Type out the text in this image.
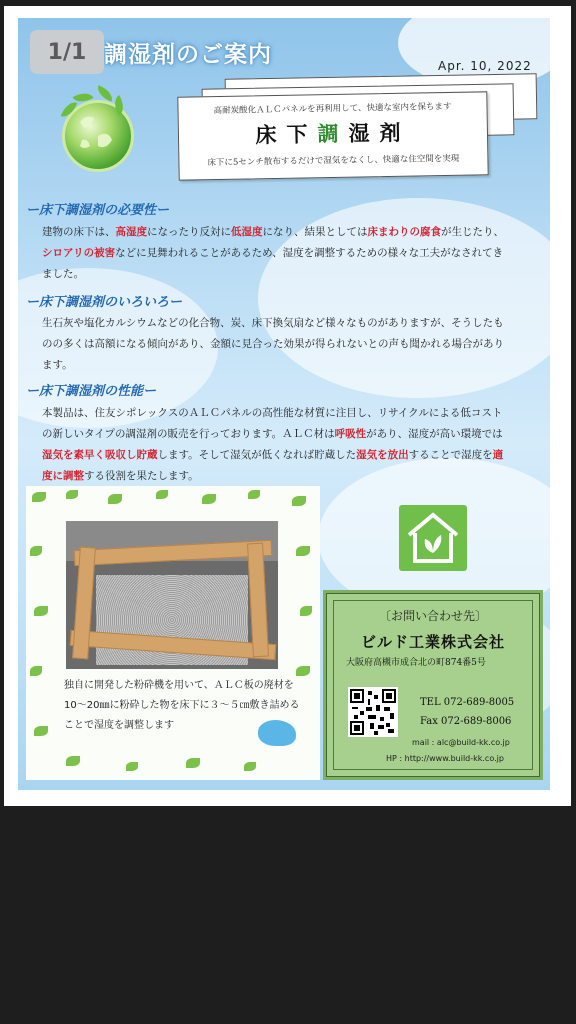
調湿剤のご案内	Apr. 10, 2022
高耐炭酸化ＡＬＣパネルを再利用して、快適な室内を保ちます
床下調湿剤
床下に5センチ散布するだけで湿気をなくし、快適な住空間を実現
ー床下調湿剤の必要性ー
建物の床下は、高湿度になったり反対に低湿度になり、結果としては床まわりの腐食が生じたり、シロアリの被害などに見舞われることがあるため、湿度を調整するための様々な工夫がなされてきました。
ー床下調湿剤のいろいろー
生石灰や塩化カルシウムなどの化合物、炭、床下換気扇など様々なものがありますが、そうしたものの多くは高額になる傾向があり、金額に見合った効果が得られないとの声も聞かれる場合があります。
ー床下調湿剤の性能ー
本製品は、住友シポレックスのＡＬＣパネルの高性能な材質に注目し、リサイクルによる低コストの新しいタイプの調湿剤の販売を行っております。ＡＬＣ材は呼吸性があり、湿度が高い環境では湿気を素早く吸収し貯蔵します。そして湿気が低くなれば貯蔵した湿気を放出することで湿度を適度に調整する役割を果たします。
独自に開発した粉砕機を用いて、ＡＬＣ板の廃材を10～20㎜に粉砕した物を床下に３～５㎝敷き詰めることで湿度を調整します
〔お問い合わせ先〕
ビルド工業株式会社
大阪府高槻市成合北の町874番5号
TEL 072-689-8005
Fax 072-689-8006
mail : alc@build-kk.co.jp
HP : http://www.build-kk.co.jp
1/1
